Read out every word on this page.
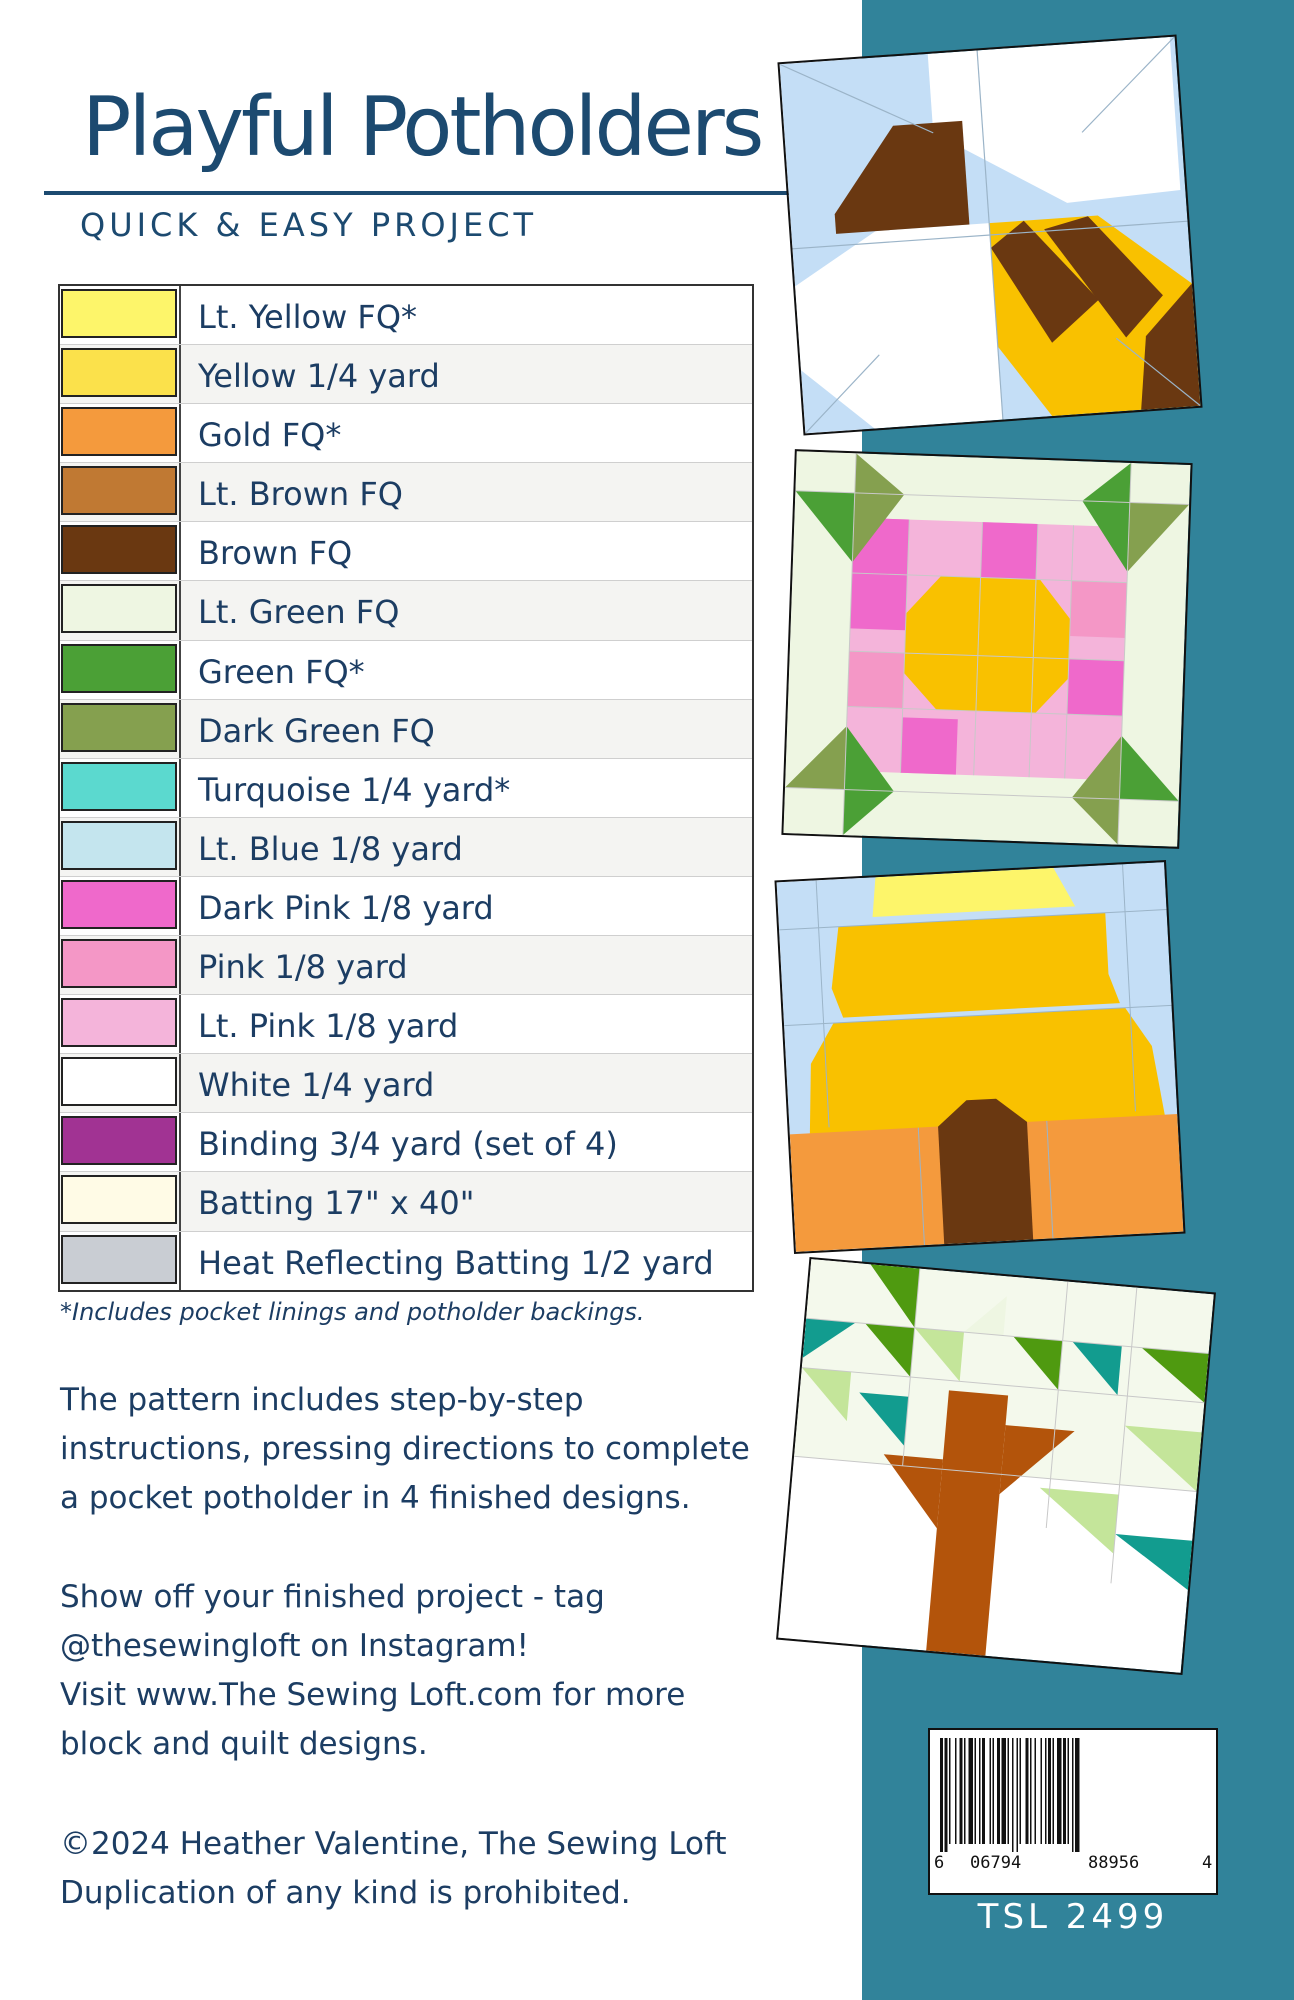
Playful Potholders
QUICK & EASY PROJECT
Lt. Yellow FQ*
Yellow 1/4 yard
Gold FQ*
Lt. Brown FQ
Brown FQ
Lt. Green FQ
Green FQ*
Dark Green FQ
Turquoise 1/4 yard*
Lt. Blue 1/8 yard
Dark Pink 1/8 yard
Pink 1/8 yard
Lt. Pink 1/8 yard
White 1/4 yard
Binding 3/4 yard (set of 4)
Batting 17" x 40"
Heat Reflecting Batting 1/2 yard
*Includes pocket linings and potholder backings.

The pattern includes step-by-step
instructions, pressing directions to complete
a pocket potholder in 4 finished designs.

Show off your finished project - tag
@thesewingloft on Instagram!
Visit www.The Sewing Loft.com for more
block and quilt designs.

©2024 Heather Valentine, The Sewing Loft
Duplication of any kind is prohibited.

6 06794	88956	4
TSL 2499
